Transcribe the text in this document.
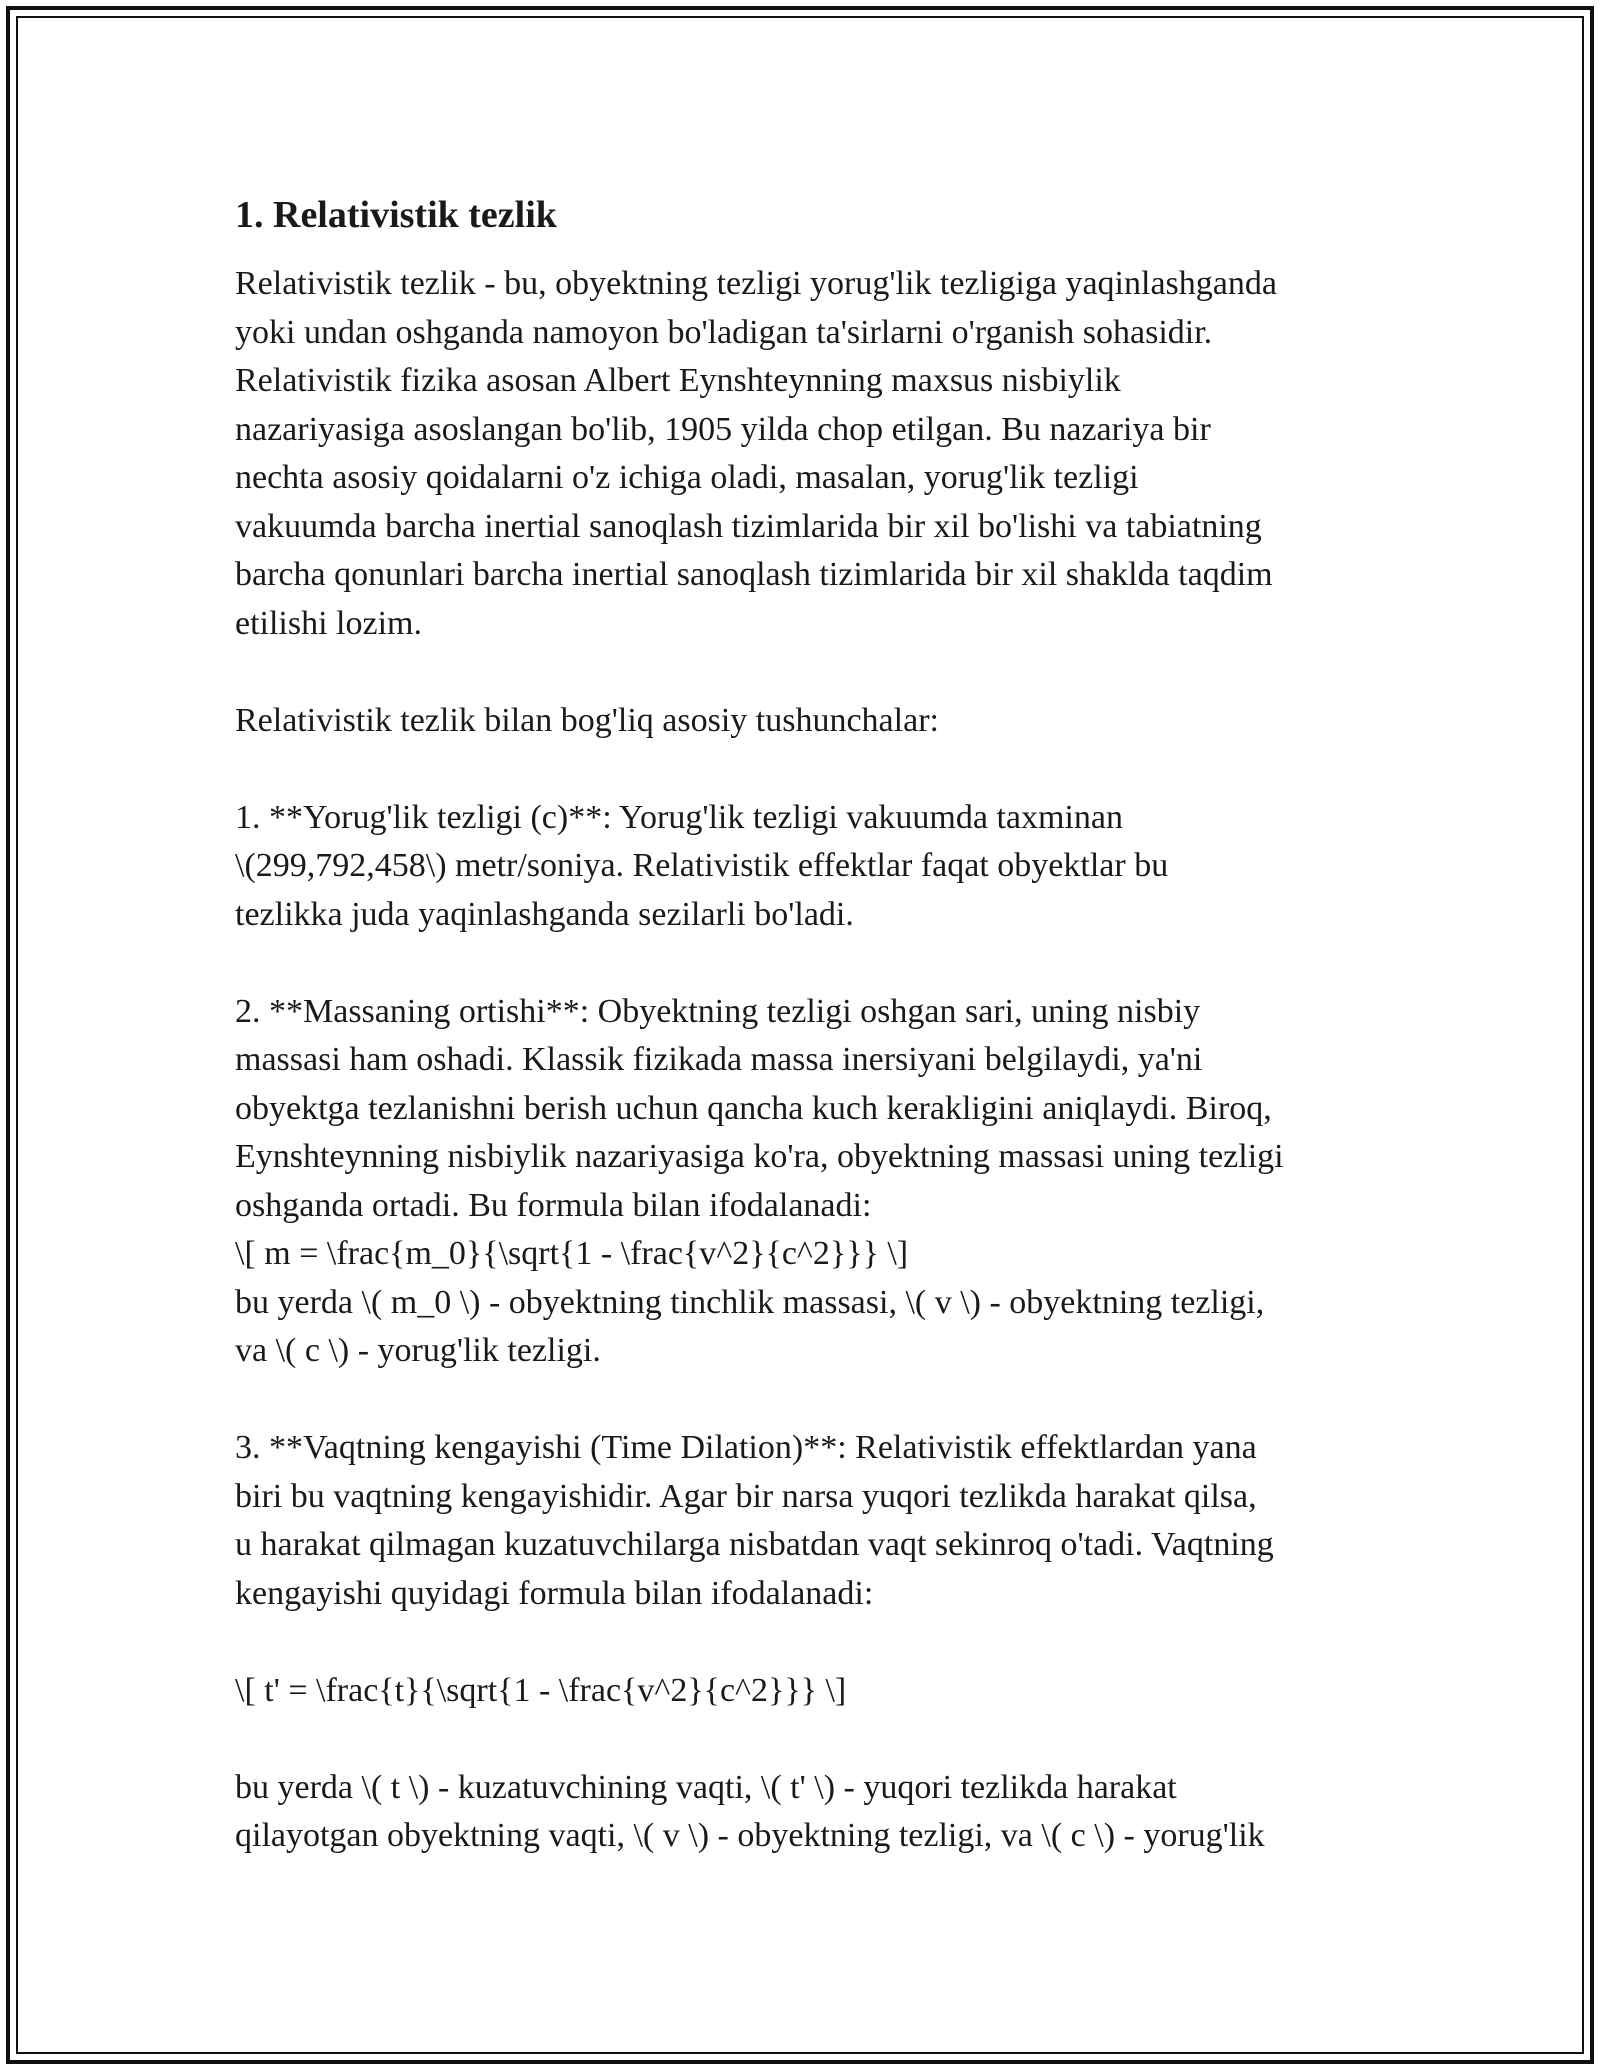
1. Relativistik tezlik
Relativistik tezlik - bu, obyektning tezligi yorug'lik tezligiga yaqinlashganda
yoki undan oshganda namoyon bo'ladigan ta'sirlarni o'rganish sohasidir.
Relativistik fizika asosan Albert Eynshteynning maxsus nisbiylik
nazariyasiga asoslangan bo'lib, 1905 yilda chop etilgan. Bu nazariya bir
nechta asosiy qoidalarni o'z ichiga oladi, masalan, yorug'lik tezligi
vakuumda barcha inertial sanoqlash tizimlarida bir xil bo'lishi va tabiatning
barcha qonunlari barcha inertial sanoqlash tizimlarida bir xil shaklda taqdim
etilishi lozim.
Relativistik tezlik bilan bog'liq asosiy tushunchalar:
1. **Yorug'lik tezligi (c)**: Yorug'lik tezligi vakuumda taxminan
\(299,792,458\) metr/soniya. Relativistik effektlar faqat obyektlar bu
tezlikka juda yaqinlashganda sezilarli bo'ladi.
2. **Massaning ortishi**: Obyektning tezligi oshgan sari, uning nisbiy
massasi ham oshadi. Klassik fizikada massa inersiyani belgilaydi, ya'ni
obyektga tezlanishni berish uchun qancha kuch kerakligini aniqlaydi. Biroq,
Eynshteynning nisbiylik nazariyasiga ko'ra, obyektning massasi uning tezligi
oshganda ortadi. Bu formula bilan ifodalanadi:
\[ m = \frac{m_0}{\sqrt{1 - \frac{v^2}{c^2}}} \]
bu yerda \( m_0 \) - obyektning tinchlik massasi, \( v \) - obyektning tezligi,
va \( c \) - yorug'lik tezligi.
3. **Vaqtning kengayishi (Time Dilation)**: Relativistik effektlardan yana
biri bu vaqtning kengayishidir. Agar bir narsa yuqori tezlikda harakat qilsa,
u harakat qilmagan kuzatuvchilarga nisbatdan vaqt sekinroq o'tadi. Vaqtning
kengayishi quyidagi formula bilan ifodalanadi:
\[ t' = \frac{t}{\sqrt{1 - \frac{v^2}{c^2}}} \]
bu yerda \( t \) - kuzatuvchining vaqti, \( t' \) - yuqori tezlikda harakat
qilayotgan obyektning vaqti, \( v \) - obyektning tezligi, va \( c \) - yorug'lik
